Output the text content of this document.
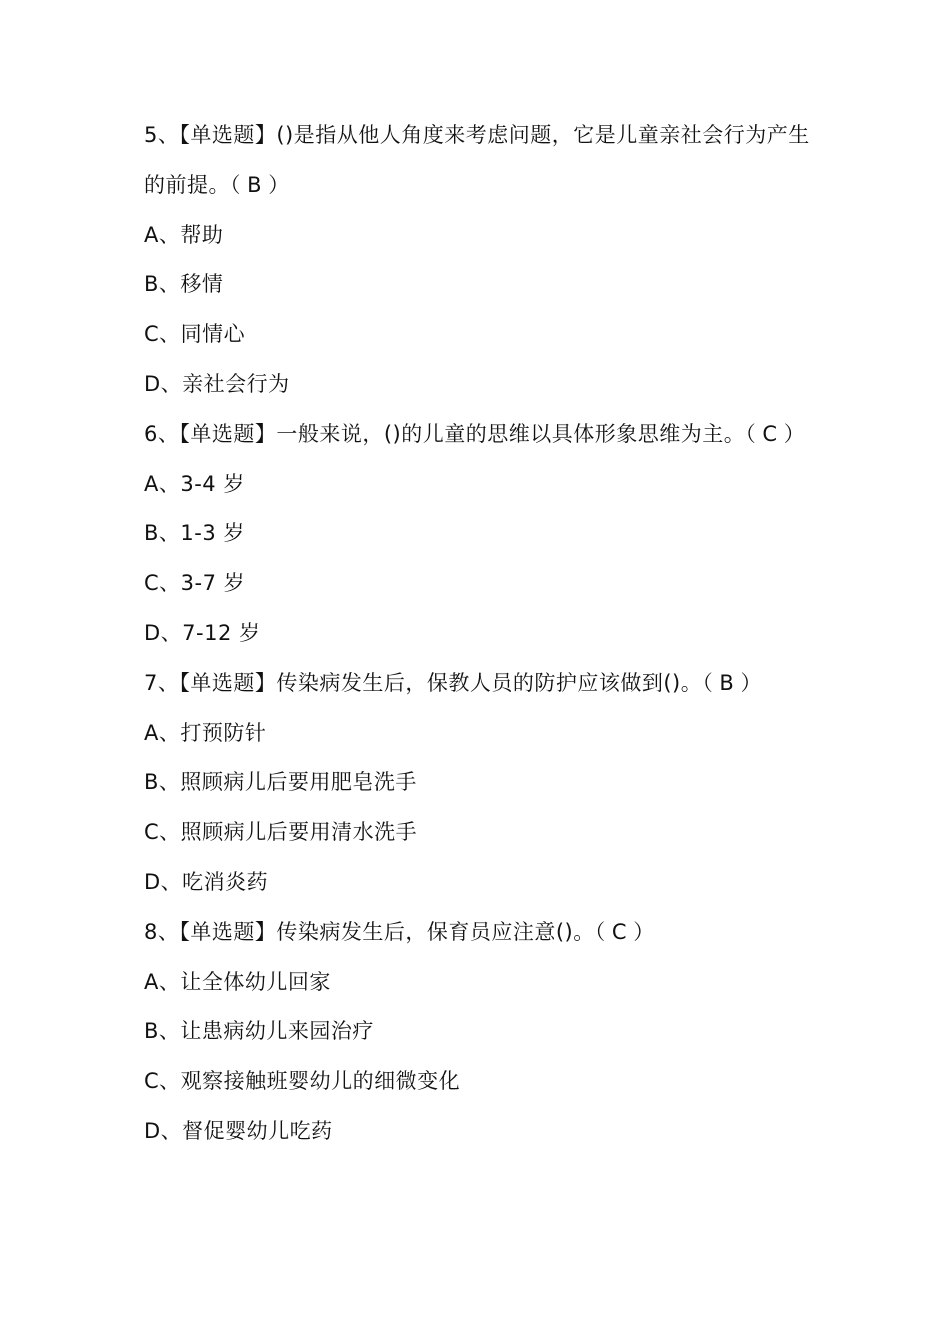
5、【单选题】()是指从他人角度来考虑问题，它是儿童亲社会行为产生的前提。（ B ）
A、帮助
B、移情
C、同情心
D、亲社会行为
6、【单选题】一般来说，()的儿童的思维以具体形象思维为主。（ C ）
A、3-4 岁
B、1-3 岁
C、3-7 岁
D、7-12 岁
7、【单选题】传染病发生后，保教人员的防护应该做到()。（ B ）
A、打预防针
B、照顾病儿后要用肥皂洗手
C、照顾病儿后要用清水洗手
D、吃消炎药
8、【单选题】传染病发生后，保育员应注意()。（ C ）
A、让全体幼儿回家
B、让患病幼儿来园治疗
C、观察接触班婴幼儿的细微变化
D、督促婴幼儿吃药
